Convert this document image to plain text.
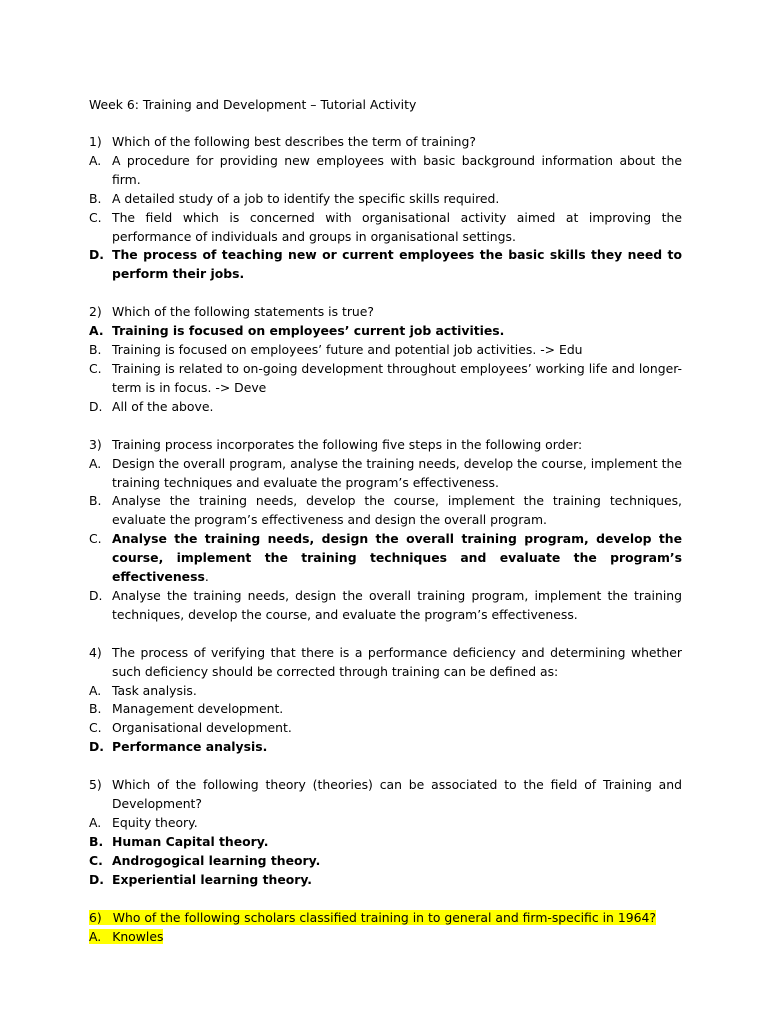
Week 6: Training and Development – Tutorial Activity
1) Which of the following best describes the term of training?
A. A procedure for providing new employees with basic background information about the firm.
B. A detailed study of a job to identify the specific skills required.
C. The field which is concerned with organisational activity aimed at improving the performance of individuals and groups in organisational settings.
D. The process of teaching new or current employees the basic skills they need to perform their jobs.
2) Which of the following statements is true?
A. Training is focused on employees’ current job activities.
B. Training is focused on employees’ future and potential job activities. -> Edu
C. Training is related to on-going development throughout employees’ working life and longer-term is in focus. -> Deve
D. All of the above.
3) Training process incorporates the following five steps in the following order:
A. Design the overall program, analyse the training needs, develop the course, implement the training techniques and evaluate the program’s effectiveness.
B. Analyse the training needs, develop the course, implement the training techniques, evaluate the program’s effectiveness and design the overall program.
C. Analyse the training needs, design the overall training program, develop the course, implement the training techniques and evaluate the program’s effectiveness.
D. Analyse the training needs, design the overall training program, implement the training techniques, develop the course, and evaluate the program’s effectiveness.
4) The process of verifying that there is a performance deficiency and determining whether such deficiency should be corrected through training can be defined as:
A. Task analysis.
B. Management development.
C. Organisational development.
D. Performance analysis.
5) Which of the following theory (theories) can be associated to the field of Training and Development?
A. Equity theory.
B. Human Capital theory.
C. Androgogical learning theory.
D. Experiential learning theory.
6) Who of the following scholars classified training in to general and firm-specific in 1964?
A. Knowles
